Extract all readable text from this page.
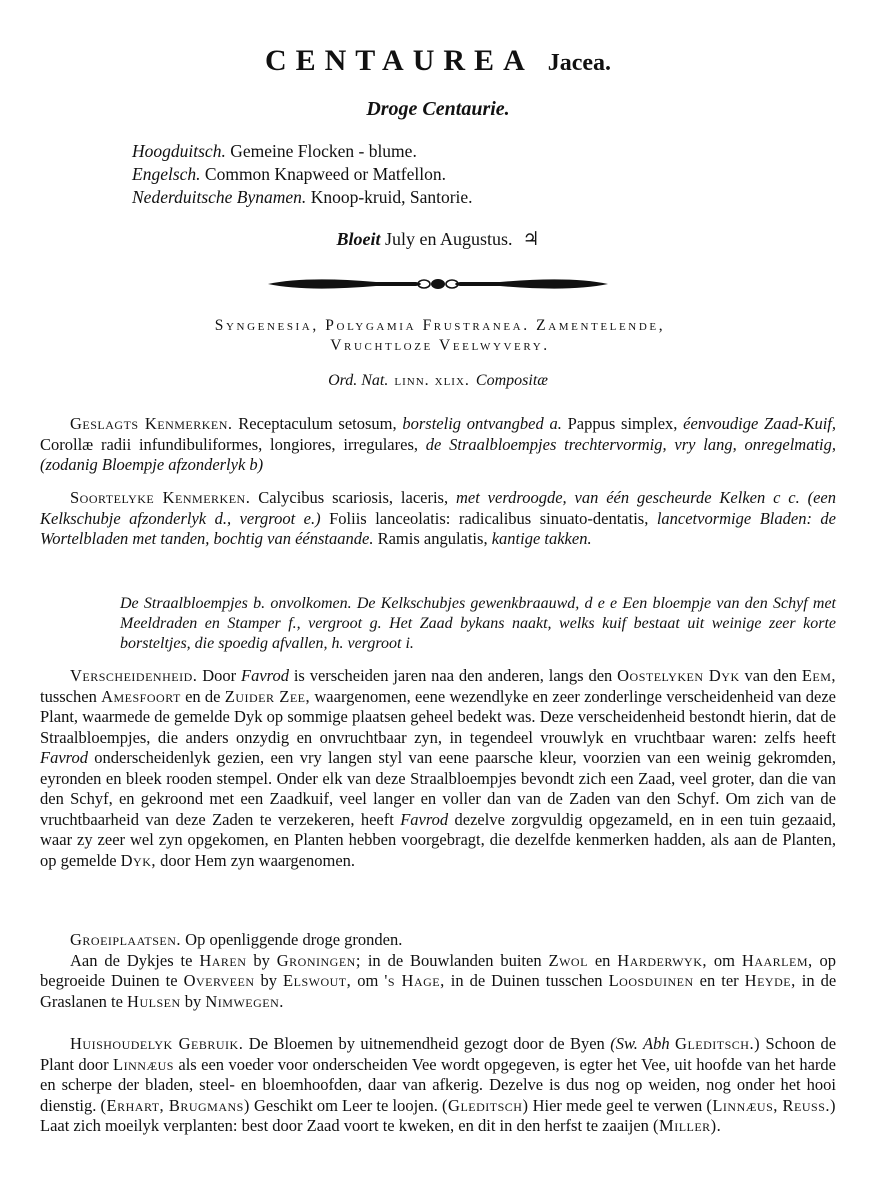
CENTAUREA Jacea.
Droge Centaurie.
Hoogduitsch. Gemeine Flocken - blume.
Engelsch. Common Knapweed or Matfellon.
Nederduitsche Bynamen. Knoop-kruid, Santorie.
Bloeit July en Augustus. ♃
Syngenesia, Polygamia Frustranea. Zamentelende,
Vruchtloze Veelwyvery.
Ord. Nat. linn. xlix. Compositæ

Geslagts Kenmerken. Receptaculum setosum, borstelig ontvangbed a. Pappus simplex, éenvoudige Zaad-Kuif, Corollæ radii infundibuliformes, longiores, irregulares, de Straalbloempjes trechtervormig, vry lang, onregelmatig, (zodanig Bloempje afzonderlyk b)

Soortelyke Kenmerken. Calycibus scariosis, laceris, met verdroogde, van één gescheurde Kelken c c. (een Kelkschubje afzonderlyk d., vergroot e.) Foliis lanceolatis: radicalibus sinuato-dentatis, lancetvormige Bladen: de Wortelbladen met tanden, bochtig van éénstaande. Ramis angulatis, kantige takken.

De Straalbloempjes b. onvolkomen. De Kelkschubjes gewenkbraauwd, d e e Een bloempje van den Schyf met Meeldraden en Stamper f., vergroot g. Het Zaad bykans naakt, welks kuif bestaat uit weinige zeer korte borsteltjes, die spoedig afvallen, h. vergroot i.

Verscheidenheid. Door Favrod is verscheiden jaren naa den anderen, langs den Oostelyken Dyk van den Eem, tusschen Amesfoort en de Zuider Zee, waargenomen, eene wezendlyke en zeer zonderlinge verscheidenheid van deze Plant, waarmede de gemelde Dyk op sommige plaatsen geheel bedekt was. Deze verscheidenheid bestondt hierin, dat de Straalbloempjes, die anders onzydig en onvruchtbaar zyn, in tegendeel vrouwlyk en vruchtbaar waren: zelfs heeft Favrod onderscheidenlyk gezien, een vry langen styl van eene paarsche kleur, voorzien van een weinig gekromden, eyronden en bleek rooden stempel. Onder elk van deze Straalbloempjes bevondt zich een Zaad, veel groter, dan die van den Schyf, en gekroond met een Zaadkuif, veel langer en voller dan van de Zaden van den Schyf. Om zich van de vruchtbaarheid van deze Zaden te verzekeren, heeft Favrod dezelve zorgvuldig opgezameld, en in een tuin gezaaid, waar zy zeer wel zyn opgekomen, en Planten hebben voorgebragt, die dezelfde kenmerken hadden, als aan de Planten, op gemelde Dyk, door Hem zyn waargenomen.

Groeiplaatsen. Op openliggende droge gronden.

Aan de Dykjes te Haren by Groningen; in de Bouwlanden buiten Zwol en Harderwyk, om Haarlem, op begroeide Duinen te Overveen by Elswout, om 's Hage, in de Duinen tusschen Loosduinen en ter Heyde, in de Graslanen te Hulsen by Nimwegen.

Huishoudelyk Gebruik. De Bloemen by uitnemendheid gezogt door de Byen (Sw. Abh Gleditsch.) Schoon de Plant door Linnæus als een voeder voor onderscheiden Vee wordt opgegeven, is egter het Vee, uit hoofde van het harde en scherpe der bladen, steel- en bloemhoofden, daar van afkerig. Dezelve is dus nog op weiden, nog onder het hooi dienstig. (Erhart, Brugmans) Geschikt om Leer te loojen. (Gleditsch) Hier mede geel te verwen (Linnæus, Reuss.) Laat zich moeilyk verplanten: best door Zaad voort te kweken, en dit in den herfst te zaaijen (Miller).
